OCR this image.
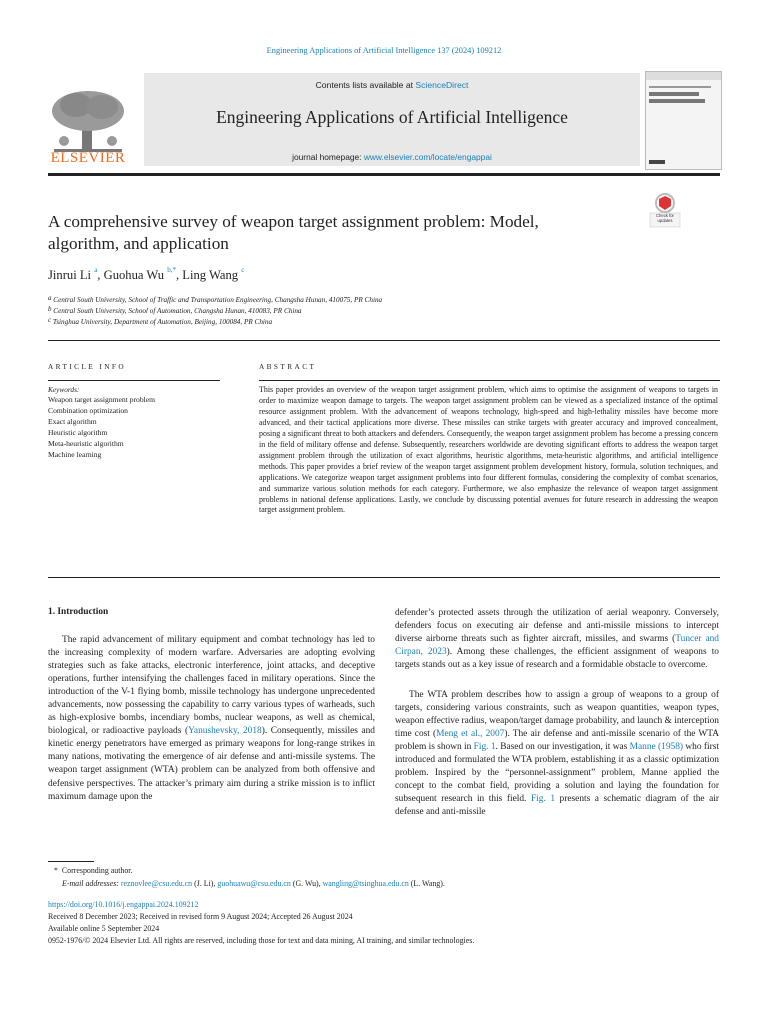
Engineering Applications of Artificial Intelligence 137 (2024) 109212
ELSEVIER
Contents lists available at ScienceDirect
Engineering Applications of Artificial Intelligence
journal homepage: www.elsevier.com/locate/engappai
A comprehensive survey of weapon target assignment problem: Model,
algorithm, and application
Check for updates
Jinrui Li $^a$, Guohua Wu $^{b,*}$, Ling Wang $^c$
$^a$ Central South University, School of Traffic and Transportation Engineering, Changsha Hunan, 410075, PR China
$^b$ Central South University, School of Automation, Changsha Hunan, 410083, PR China
$^c$ Tsinghua University, Department of Automation, Beijing, 100084, PR China
ARTICLE INFO
Keywords:
Weapon target assignment problem
Combination optimization
Exact algorithm
Heuristic algorithm
Meta-heuristic algorithm
Machine learning
ABSTRACT
This paper provides an overview of the weapon target assignment problem, which aims to optimise the assignment of weapons to targets in order to maximize weapon damage to targets. The weapon target assignment problem can be viewed as a specialized instance of the optimal resource assignment problem. With the advancement of weapons technology, high-speed and high-lethality missiles have become more advanced, and their tactical applications more diverse. These missiles can strike targets with greater accuracy and improved concealment, posing a significant threat to both attackers and defenders. Consequently, the weapon target assignment problem has become a pressing concern in the field of military offense and defense. Subsequently, researchers worldwide are devoting significant efforts to address the weapon target assignment problem through the utilization of exact algorithms, heuristic algorithms, meta-heuristic algorithms, and artificial intelligence methods. This paper provides a brief review of the weapon target assignment problem development history, formula, solution techniques, and applications. We categorize weapon target assignment problems into four different formulas, considering the complexity of combat scenarios, and summarize various solution methods for each category. Furthermore, we also emphasize the relevance of weapon target assignment problems in national defense applications. Lastly, we conclude by discussing potential avenues for future research in addressing the weapon target assignment problem.
1. Introduction
The rapid advancement of military equipment and combat technology has led to the increasing complexity of modern warfare. Adversaries are adopting evolving strategies such as fake attacks, electronic interference, joint attacks, and deceptive operations, further intensifying the challenges faced in military operations. Since the introduction of the V-1 flying bomb, missile technology has undergone unprecedented advancements, now possessing the capability to carry various types of warheads, such as high-explosive bombs, incendiary bombs, nuclear weapons, as well as chemical, biological, or radioactive payloads (Yanushevsky, 2018). Consequently, missiles and kinetic energy penetrators have emerged as primary weapons for long-range strikes in many nations, motivating the emergence of air defense and anti-missile systems. The weapon target assignment (WTA) problem can be analyzed from both offensive and defensive perspectives. The attacker’s primary aim during a strike mission is to inflict maximum damage upon the
defender’s protected assets through the utilization of aerial weaponry. Conversely, defenders focus on executing air defense and anti-missile missions to intercept diverse airborne threats such as fighter aircraft, missiles, and swarms (Tuncer and Cirpan, 2023). Among these challenges, the efficient assignment of weapons to targets stands out as a key issue of research and a formidable obstacle to overcome.
The WTA problem describes how to assign a group of weapons to a group of targets, considering various constraints, such as weapon quantities, weapon types, weapon effective radius, weapon/target damage probability, and launch & interception time cost (Meng et al., 2007). The air defense and anti-missile scenario of the WTA problem is shown in Fig. 1. Based on our investigation, it was Manne (1958) who first introduced and formulated the WTA problem, establishing it as a classic optimization problem. Inspired by the “personnel-assignment” problem, Manne applied the concept to the combat field, providing a solution and laying the foundation for subsequent research in this field. Fig. 1 presents a schematic diagram of the air defense and anti-missile
* Corresponding author.
E-mail addresses: reznovlee@csu.edu.cn (J. Li), guohuawu@csu.edu.cn (G. Wu), wangling@tsinghua.edu.cn (L. Wang).
https://doi.org/10.1016/j.engappai.2024.109212
Received 8 December 2023; Received in revised form 9 August 2024; Accepted 26 August 2024
Available online 5 September 2024
0952-1976/© 2024 Elsevier Ltd. All rights are reserved, including those for text and data mining, AI training, and similar technologies.
